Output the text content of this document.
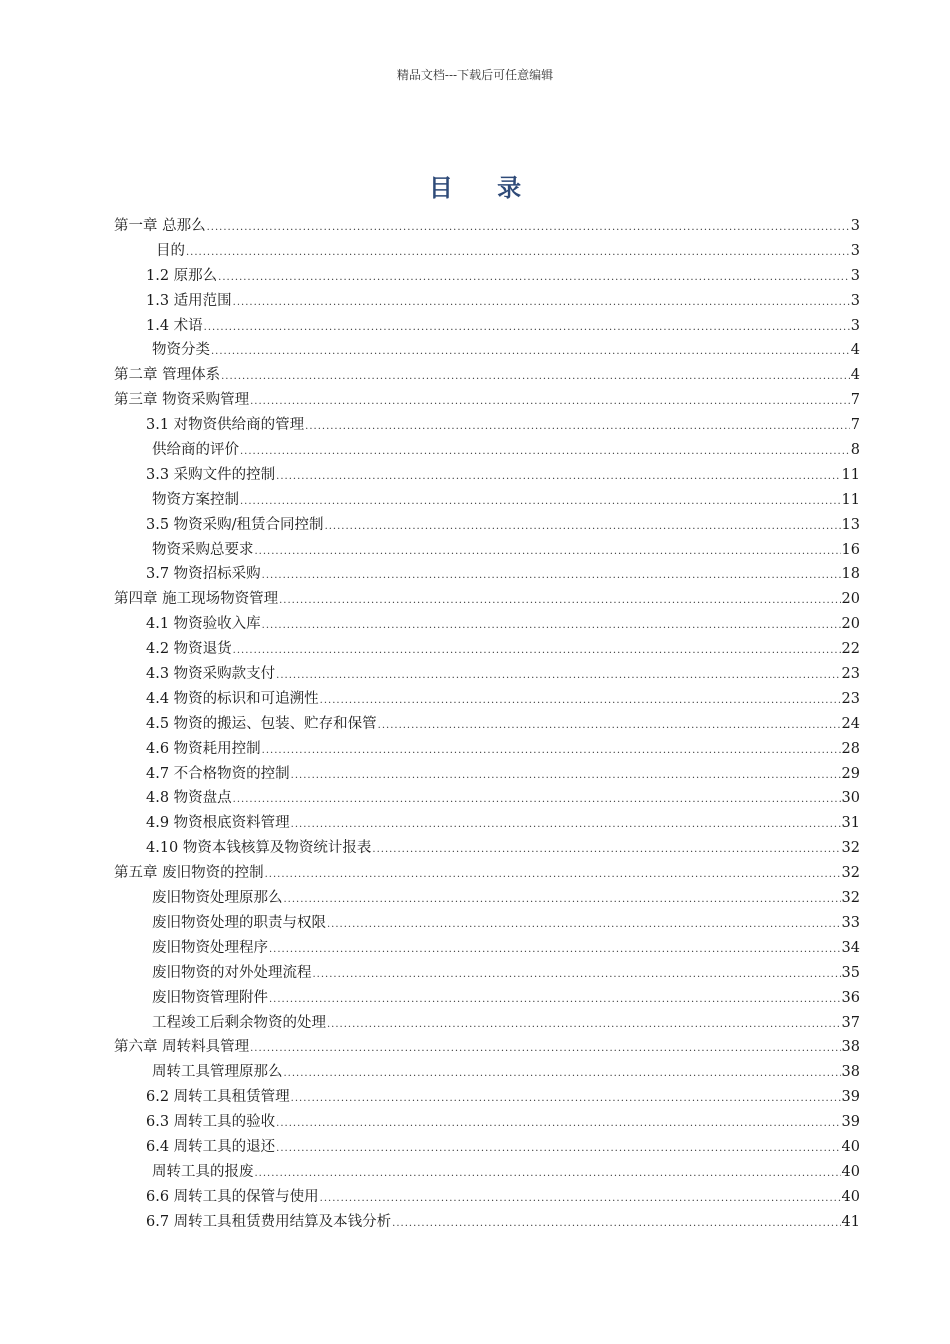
精品文档---下载后可任意编辑
目 录
第一章 总那么 .....	3
目的 .....	3
1.2 原那么 .....	3
1.3 适用范围 .....	3
1.4 术语 .....	3
物资分类 .....	4
第二章 管理体系 .....	4
第三章 物资采购管理 .....	7
3.1 对物资供给商的管理 .....	7
供给商的评价 .....	8
3.3 采购文件的控制 .....	11
物资方案控制 .....	11
3.5 物资采购/租赁合同控制 .....	13
物资采购总要求 .....	16
3.7 物资招标采购 .....	18
第四章 施工现场物资管理 .....	20
4.1 物资验收入库 .....	20
4.2 物资退货 .....	22
4.3 物资采购款支付 .....	23
4.4 物资的标识和可追溯性 .....	23
4.5 物资的搬运、包装、贮存和保管 .....	24
4.6 物资耗用控制 .....	28
4.7 不合格物资的控制 .....	29
4.8 物资盘点 .....	30
4.9 物资根底资料管理 .....	31
4.10 物资本钱核算及物资统计报表 .....	32
第五章 废旧物资的控制 .....	32
废旧物资处理原那么 .....	32
废旧物资处理的职责与权限 .....	33
废旧物资处理程序 .....	34
废旧物资的对外处理流程 .....	35
废旧物资管理附件 .....	36
工程竣工后剩余物资的处理 .....	37
第六章 周转料具管理 .....	38
周转工具管理原那么 .....	38
6.2 周转工具租赁管理 .....	39
6.3 周转工具的验收 .....	39
6.4 周转工具的退还 .....	40
周转工具的报废 .....	40
6.6 周转工具的保管与使用 .....	40
6.7 周转工具租赁费用结算及本钱分析 .....	41
